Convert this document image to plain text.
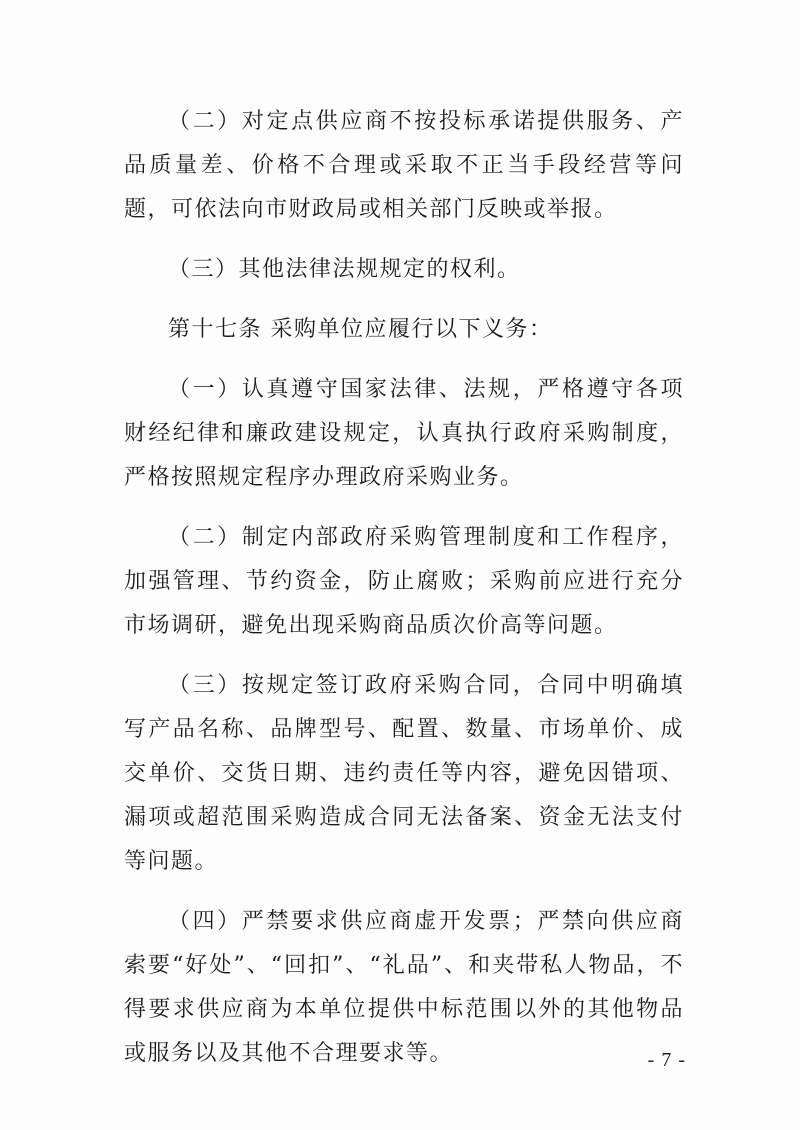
（二）对定点供应商不按投标承诺提供服务、产品质量差、价格不合理或采取不正当手段经营等问题，可依法向市财政局或相关部门反映或举报。

（三）其他法律法规规定的权利。

第十七条 采购单位应履行以下义务：

（一）认真遵守国家法律、法规，严格遵守各项财经纪律和廉政建设规定，认真执行政府采购制度，严格按照规定程序办理政府采购业务。

（二）制定内部政府采购管理制度和工作程序，加强管理、节约资金，防止腐败；采购前应进行充分市场调研，避免出现采购商品质次价高等问题。

（三）按规定签订政府采购合同，合同中明确填写产品名称、品牌型号、配置、数量、市场单价、成交单价、交货日期、违约责任等内容，避免因错项、漏项或超范围采购造成合同无法备案、资金无法支付等问题。

（四）严禁要求供应商虚开发票；严禁向供应商索要“好处”、“回扣”、“礼品”、和夹带私人物品，不得要求供应商为本单位提供中标范围以外的其他物品或服务以及其他不合理要求等。	- 7 -
